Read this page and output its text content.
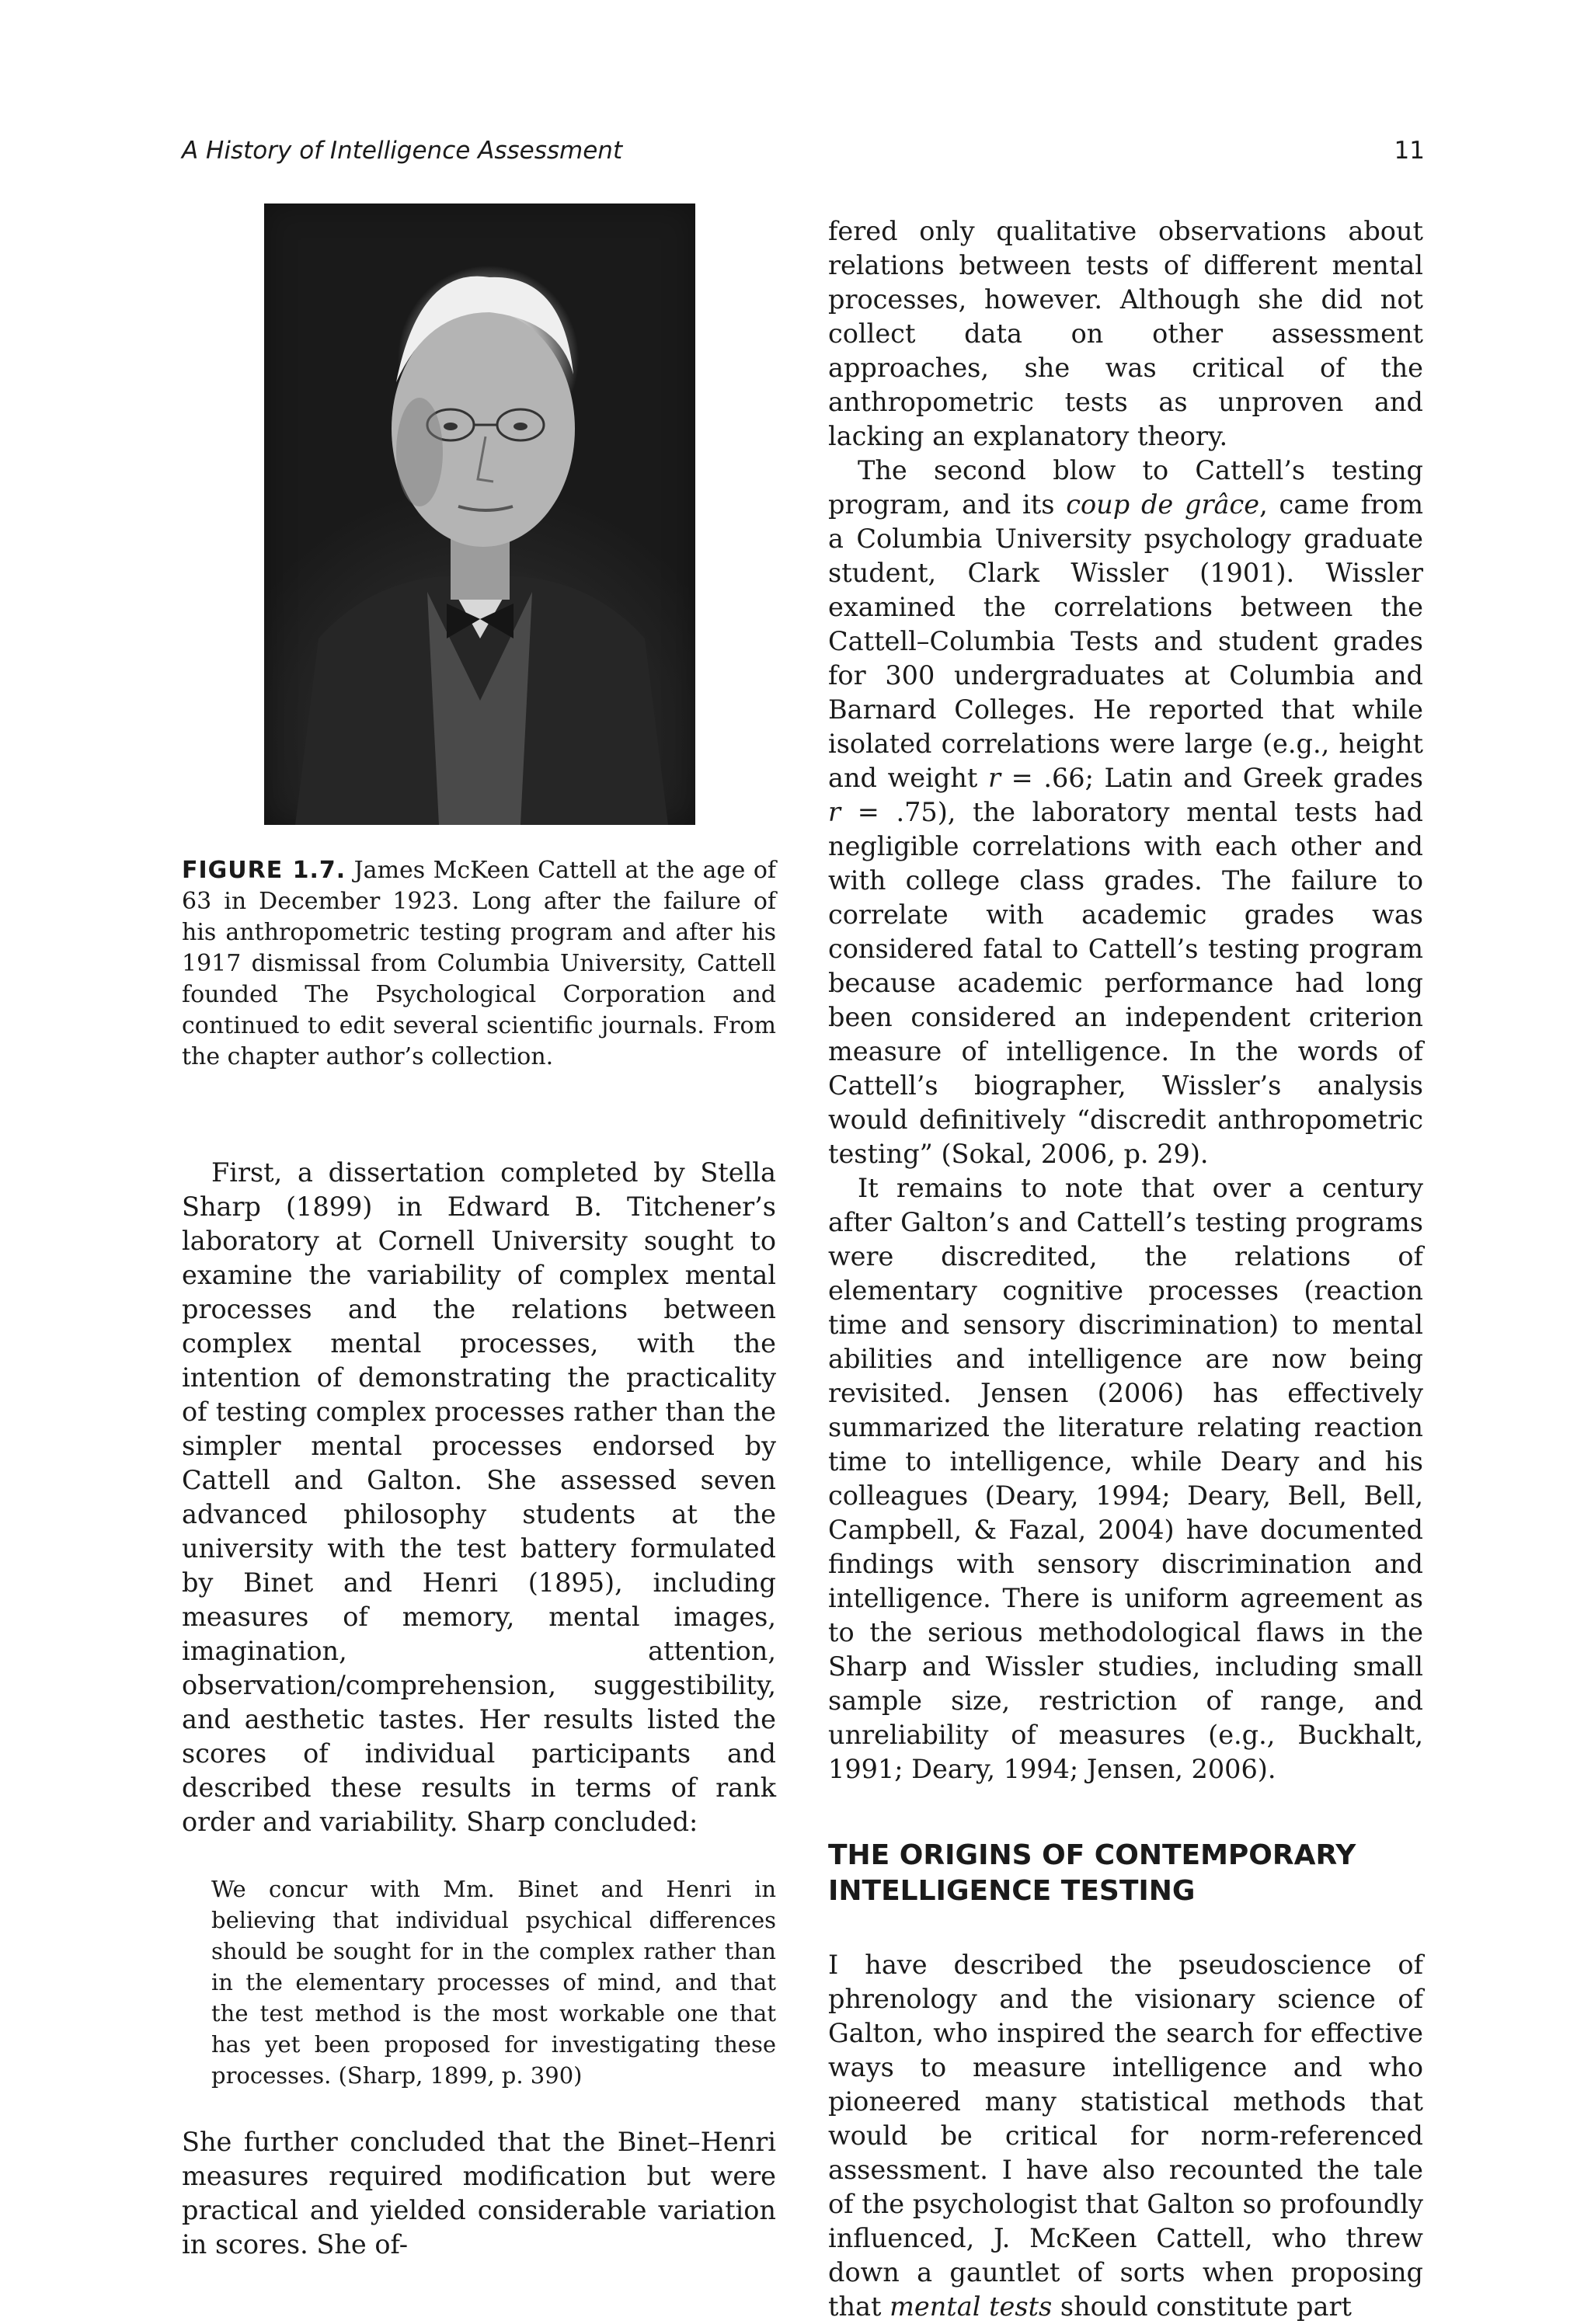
A History of Intelligence Assessment	11
FIGURE 1.7. James McKeen Cattell at the age of 63 in December 1923. Long after the failure of his anthropometric testing program and after his 1917 dismissal from Columbia University, Cattell founded The Psychological Corporation and continued to edit several scientific journals. From the chapter author’s collection.

First, a dissertation completed by Stella Sharp (1899) in Edward B. Titchener’s laboratory at Cornell University sought to examine the variability of complex mental processes and the relations between complex mental processes, with the intention of demonstrating the practicality of testing complex processes rather than the simpler mental processes endorsed by Cattell and Galton. She assessed seven advanced philosophy students at the university with the test battery formulated by Binet and Henri (1895), including measures of memory, mental images, imagination, attention, observation/comprehension, suggestibility, and aesthetic tastes. Her results listed the scores of individual participants and described these results in terms of rank order and variability. Sharp concluded:

We concur with Mm. Binet and Henri in believing that individual psychical differences should be sought for in the complex rather than in the elementary processes of mind, and that the test method is the most workable one that has yet been proposed for investigating these processes. (Sharp, 1899, p. 390)

She further concluded that the Binet–Henri measures required modification but were practical and yielded considerable variation in scores. She of-

fered only qualitative observations about relations between tests of different mental processes, however. Although she did not collect data on other assessment approaches, she was critical of the anthropometric tests as unproven and lacking an explanatory theory.

The second blow to Cattell’s testing program, and its coup de grâce, came from a Columbia University psychology graduate student, Clark Wissler (1901). Wissler examined the correlations between the Cattell–Columbia Tests and student grades for 300 undergraduates at Columbia and Barnard Colleges. He reported that while isolated correlations were large (e.g., height and weight r = .66; Latin and Greek grades r = .75), the laboratory mental tests had negligible correlations with each other and with college class grades. The failure to correlate with academic grades was considered fatal to Cattell’s testing program because academic performance had long been considered an independent criterion measure of intelligence. In the words of Cattell’s biographer, Wissler’s analysis would definitively “discredit anthropometric testing” (Sokal, 2006, p. 29).

It remains to note that over a century after Galton’s and Cattell’s testing programs were discredited, the relations of elementary cognitive processes (reaction time and sensory discrimination) to mental abilities and intelligence are now being revisited. Jensen (2006) has effectively summarized the literature relating reaction time to intelligence, while Deary and his colleagues (Deary, 1994; Deary, Bell, Bell, Campbell, & Fazal, 2004) have documented findings with sensory discrimination and intelligence. There is uniform agreement as to the serious methodological flaws in the Sharp and Wissler studies, including small sample size, restriction of range, and unreliability of measures (e.g., Buckhalt, 1991; Deary, 1994; Jensen, 2006).

THE ORIGINS OF CONTEMPORARY
INTELLIGENCE TESTING

I have described the pseudoscience of phrenology and the visionary science of Galton, who inspired the search for effective ways to measure intelligence and who pioneered many statistical methods that would be critical for norm-referenced assessment. I have also recounted the tale of the psychologist that Galton so profoundly influenced, J. McKeen Cattell, who threw down a gauntlet of sorts when proposing that mental tests should constitute part
